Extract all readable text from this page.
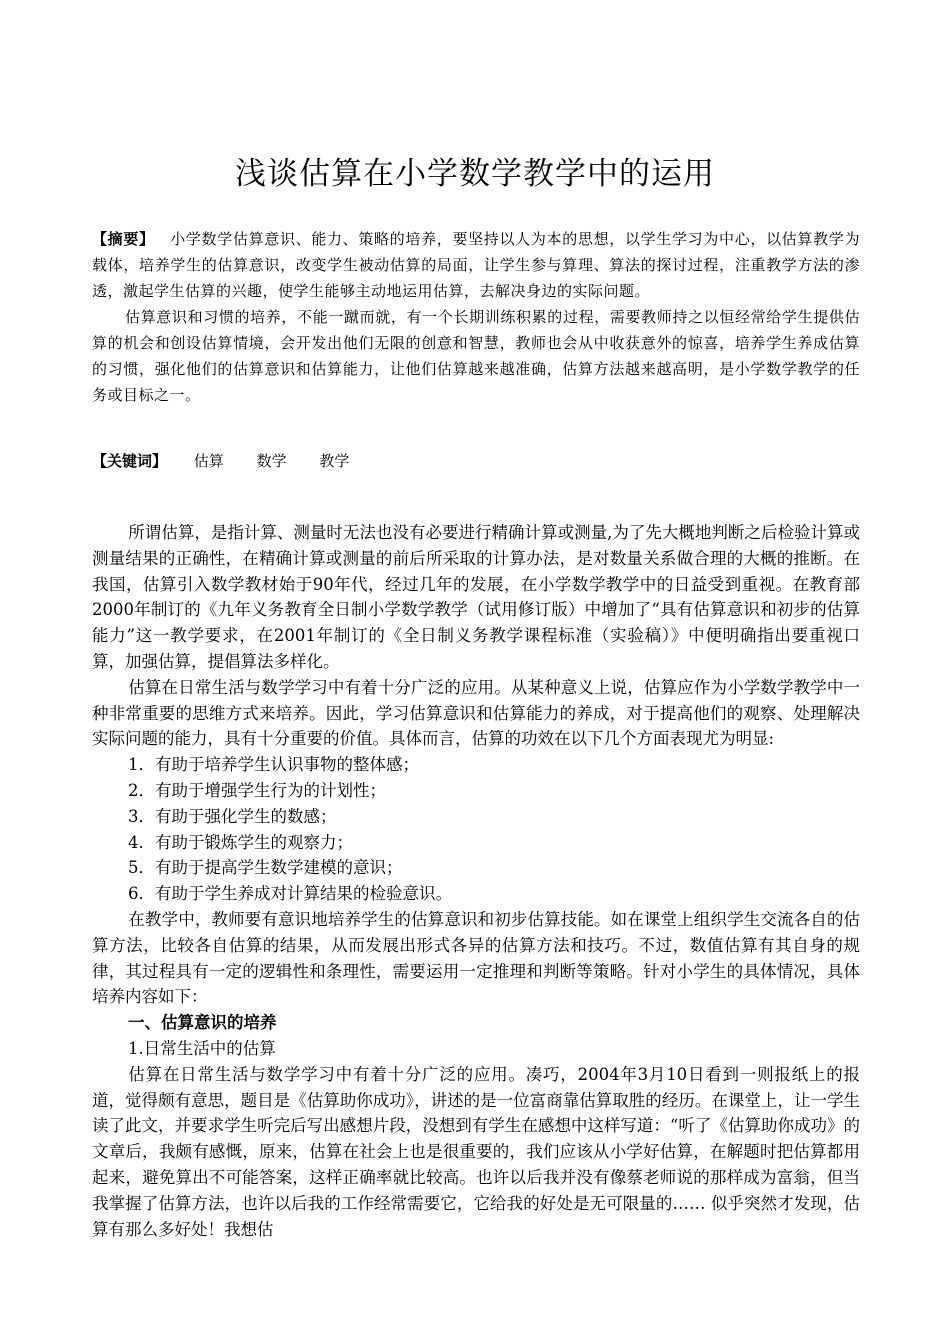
浅谈估算在小学数学教学中的运用

【摘要】 小学数学估算意识、能力、策略的培养，要坚持以人为本的思想，以学生学习为中心，以估算教学为载体，培养学生的估算意识，改变学生被动估算的局面，让学生参与算理、算法的探讨过程，注重教学方法的渗透，激起学生估算的兴趣，使学生能够主动地运用估算，去解决身边的实际问题。

估算意识和习惯的培养，不能一蹴而就，有一个长期训练积累的过程，需要教师持之以恒经常给学生提供估算的机会和创设估算情境，会开发出他们无限的创意和智慧，教师也会从中收获意外的惊喜，培养学生养成估算的习惯，强化他们的估算意识和估算能力，让他们估算越来越准确，估算方法越来越高明，是小学数学教学的任务或目标之一。

【关键词】 估算 数学 教学

所谓估算，是指计算、测量时无法也没有必要进行精确计算或测量,为了先大概地判断之后检验计算或测量结果的正确性，在精确计算或测量的前后所采取的计算办法，是对数量关系做合理的大概的推断。在我国，估算引入数学教材始于90年代，经过几年的发展，在小学数学教学中的日益受到重视。在教育部2000年制订的《九年义务教育全日制小学数学教学（试用修订版）中增加了“具有估算意识和初步的估算能力”这一教学要求，在2001年制订的《全日制义务教学课程标准（实验稿）》中便明确指出要重视口算，加强估算，提倡算法多样化。

估算在日常生活与数学学习中有着十分广泛的应用。从某种意义上说，估算应作为小学数学教学中一种非常重要的思维方式来培养。因此，学习估算意识和估算能力的养成，对于提高他们的观察、处理解决实际问题的能力，具有十分重要的价值。具体而言，估算的功效在以下几个方面表现尤为明显:

1．有助于培养学生认识事物的整体感；

2．有助于增强学生行为的计划性；

3．有助于强化学生的数感；

4．有助于锻炼学生的观察力；

5．有助于提高学生数学建模的意识；

6．有助于学生养成对计算结果的检验意识。

在教学中，教师要有意识地培养学生的估算意识和初步估算技能。如在课堂上组织学生交流各自的估算方法，比较各自估算的结果，从而发展出形式各异的估算方法和技巧。不过，数值估算有其自身的规律，其过程具有一定的逻辑性和条理性，需要运用一定推理和判断等策略。针对小学生的具体情况，具体培养内容如下：

一、估算意识的培养

1.日常生活中的估算

估算在日常生活与数学学习中有着十分广泛的应用。凑巧，2004年3月10日看到一则报纸上的报道，觉得颇有意思，题目是《估算助你成功》，讲述的是一位富商靠估算取胜的经历。在课堂上，让一学生读了此文，并要求学生听完后写出感想片段，没想到有学生在感想中这样写道：“听了《估算助你成功》的文章后，我颇有感慨，原来，估算在社会上也是很重要的，我们应该从小学好估算，在解题时把估算都用起来，避免算出不可能答案，这样正确率就比较高。也许以后我并没有像蔡老师说的那样成为富翁，但当我掌握了估算方法，也许以后我的工作经常需要它，它给我的好处是无可限量的…… 似乎突然才发现，估算有那么多好处！我想估
